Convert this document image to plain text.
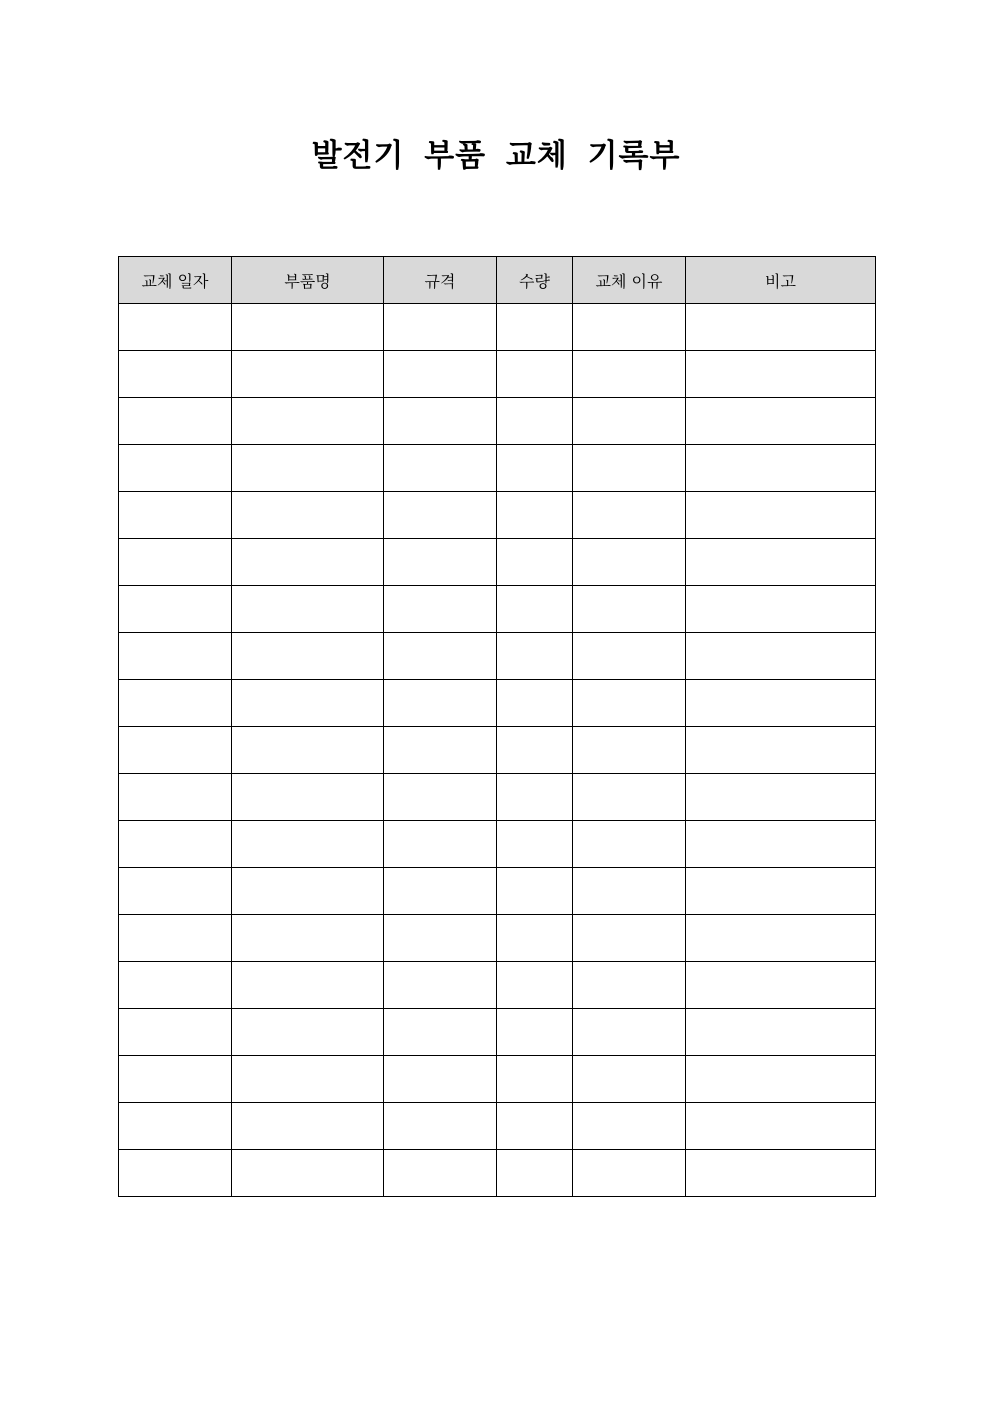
발전기 부품 교체 기록부
교체 일자	부품명	규격	수량	교체 이유	비고
